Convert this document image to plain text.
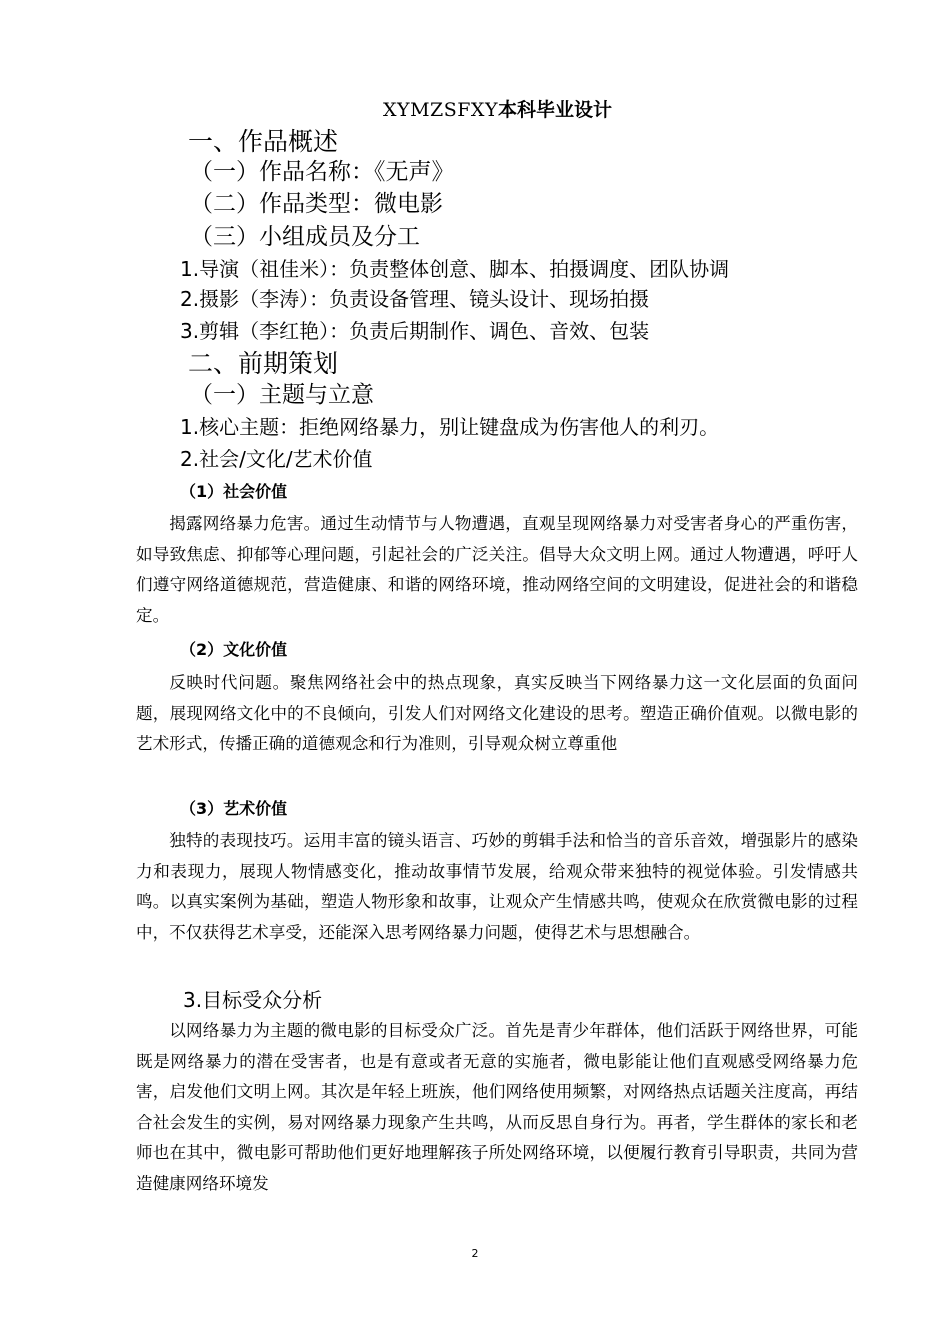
XYMZSFXY本科毕业设计

一、作品概述
（一）作品名称：《无声》
（二）作品类型：微电影
（三）小组成员及分工
1.导演（祖佳米）：负责整体创意、脚本、拍摄调度、团队协调
2.摄影（李涛）：负责设备管理、镜头设计、现场拍摄
3.剪辑（李红艳）：负责后期制作、调色、音效、包装
二、前期策划
（一）主题与立意
1.核心主题：拒绝网络暴力，别让键盘成为伤害他人的利刃。
2.社会/文化/艺术价值

（1）社会价值

揭露网络暴力危害。通过生动情节与人物遭遇，直观呈现网络暴力对受害者身心的严重伤害，如导致焦虑、抑郁等心理问题，引起社会的广泛关注。倡导大众文明上网。通过人物遭遇，呼吁人们遵守网络道德规范，营造健康、和谐的网络环境，推动网络空间的文明建设，促进社会的和谐稳定。

（2）文化价值

反映时代问题。聚焦网络社会中的热点现象，真实反映当下网络暴力这一文化层面的负面问题，展现网络文化中的不良倾向，引发人们对网络文化建设的思考。塑造正确价值观。以微电影的艺术形式，传播正确的道德观念和行为准则，引导观众树立尊重他

（3）艺术价值

独特的表现技巧。运用丰富的镜头语言、巧妙的剪辑手法和恰当的音乐音效，增强影片的感染力和表现力，展现人物情感变化，推动故事情节发展，给观众带来独特的视觉体验。引发情感共鸣。以真实案例为基础，塑造人物形象和故事，让观众产生情感共鸣，使观众在欣赏微电影的过程中，不仅获得艺术享受，还能深入思考网络暴力问题，使得艺术与思想融合。

3.目标受众分析

以网络暴力为主题的微电影的目标受众广泛。首先是青少年群体，他们活跃于网络世界，可能既是网络暴力的潜在受害者，也是有意或者无意的实施者，微电影能让他们直观感受网络暴力危害，启发他们文明上网。其次是年轻上班族，他们网络使用频繁，对网络热点话题关注度高，再结合社会发生的实例，易对网络暴力现象产生共鸣，从而反思自身行为。再者，学生群体的家长和老师也在其中，微电影可帮助他们更好地理解孩子所处网络环境，以便履行教育引导职责，共同为营造健康网络环境发

2
